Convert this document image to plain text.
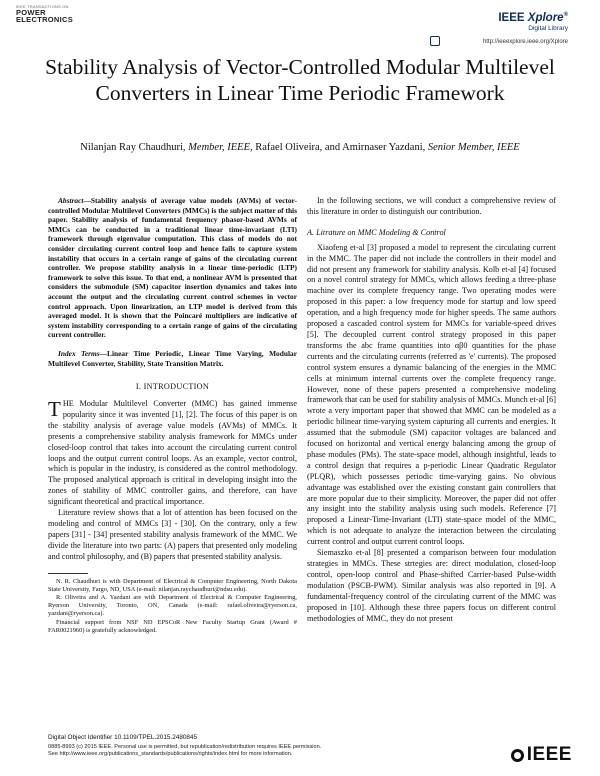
IEEE TRANSACTIONS ON
POWER
ELECTRONICS	IEEE Xplore®
Digital Library
http://ieeexplore.ieee.org/Xplore
Stability Analysis of Vector-Controlled Modular Multilevel Converters in Linear Time Periodic Framework
Nilanjan Ray Chaudhuri, Member, IEEE, Rafael Oliveira, and Amirnaser Yazdani, Senior Member, IEEE

Abstract—Stability analysis of average value models (AVMs) of vector-controlled Modular Multilevel Converters (MMCs) is the subject matter of this paper. Stability analysis of fundamental frequency phasor-based AVMs of MMCs can be conducted in a traditional linear time-invariant (LTI) framework through eigenvalue computation. This class of models do not consider circulating current control loop and hence fails to capture system instability that occurs in a certain range of gains of the circulating current controller. We propose stability analysis in a linear time-periodic (LTP) framework to solve this issue. To that end, a nonlinear AVM is presented that considers the submodule (SM) capacitor insertion dynamics and takes into account the output and the circulating current control schemes in vector control approach. Upon linearization, an LTP model is derived from this averaged model. It is shown that the Poincaré multipliers are indicative of system instability corresponding to a certain range of gains of the circulating current controller.

Index Terms—Linear Time Periodic, Linear Time Varying, Modular Multilevel Converter, Stability, State Transition Matrix.

I. INTRODUCTION

THE Modular Multilevel Converter (MMC) has gained immense popularity since it was invented [1], [2]. The focus of this paper is on the stability analysis of average value models (AVMs) of MMCs. It presents a comprehensive stability analysis framework for MMCs under closed-loop control that takes into account the circulating current control loops and the output current control loops. As an example, vector control, which is popular in the industry, is considered as the control methodology. The proposed analytical approach is critical in developing insight into the zones of stability of MMC controller gains, and therefore, can have significant theoretical and practical importance.

Literature review shows that a lot of attention has been focused on the modeling and control of MMCs [3] - [30]. On the contrary, only a few papers [31] - [34] presented stability analysis framework of the MMC. We divide the literature into two parts: (A) papers that presented only modeling and control philosophy, and (B) papers that presented stability analysis.

N. R. Chaudhuri is with Department of Electrical & Computer Engineering, North Dakota State University, Fargo, ND, USA (e-mail: nilanjan.raychaudhuri@ndsu.edu).

R. Oliveira and A. Yazdani are with Department of Electrical & Computer Engineering, Ryerson University, Toronto, ON, Canada (e-mail: rafael.oliveira@ryerson.ca, yazdani@ryerson.ca).

Financial support from NSF ND EPSCoR New Faculty Startup Grant (Award # FAR0021960) is gratefully acknowledged.

Digital Object Identifier 10.1109/TPEL.2015.2480845

In the following sections, we will conduct a comprehensive review of this literature in order to distinguish our contribution.

A. Litrature on MMC Modeling & Control

Xiaofeng et-al [3] proposed a model to represent the circulating current in the MMC. The paper did not include the controllers in their model and did not present any framework for stability analysis. Kolb et-al [4] focused on a novel control strategy for MMCs, which allows feeding a three-phase machine over its complete frequency range. Two operating modes were proposed in this paper: a low frequency mode for startup and low speed operation, and a high frequency mode for higher speeds. The same authors proposed a cascaded control system for MMCs for variable-speed drives [5]. The decoupled current control strategy proposed in this paper transforms the abc frame quantities into αβ0 quantities for the phase currents and the circulating currents (referred as 'e' currents). The proposed control system ensures a dynamic balancing of the energies in the MMC cells at minimum internal currents over the complete frequency range. However, none of these papers presented a comprehensive modeling framework that can be used for stability analysis of MMCs. Munch et-al [6] wrote a very important paper that showed that MMC can be modeled as a periodic bilinear time-varying system capturing all currents and energies. It assumed that the submodule (SM) capacitor voltages are balanced and focused on horizontal and vertical energy balancing among the group of phase modules (PMs). The state-space model, although insightful, leads to a control design that requires a p-periodic Linear Quadratic Regulator (PLQR), which possesses periodic time-varying gains. No obvious advantage was established over the existing constant gain controllers that are more popular due to their simplicity. Moreover, the paper did not offer any insight into the stability analysis using such models. Reference [7] proposed a Linear-Time-Invariant (LTI) state-space model of the MMC, which is not adequate to analyze the interaction between the circulating current control and output current control loops.

Siemaszko et-al [8] presented a comparison between four modulation strategies in MMCs. These strtegies are: direct modulation, closed-loop control, open-loop control and Phase-shifted Carrier-based Pulse-width modulation (PSCB-PWM). Similar analysis was also reported in [9]. A fundamental-frequency control of the circulating current of the MMC was proposed in [10]. Although these three papers focus on different control methodologies of MMC, they do not present

0885-8993 (c) 2015 IEEE. Personal use is permitted, but republication/redistribution requires IEEE permission.
See http://www.ieee.org/publications_standards/publications/rights/index.html for more information.	IEEE
